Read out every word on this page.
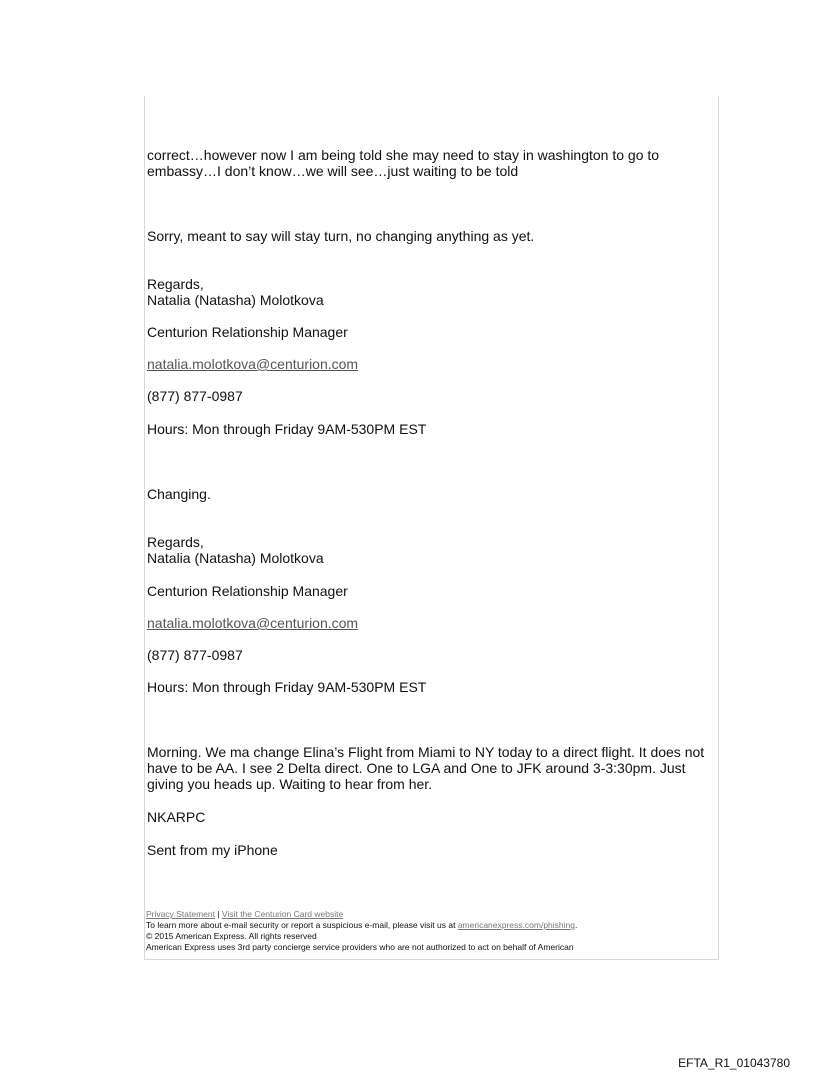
correct…however now I am being told she may need to stay in washington to go to embassy…I don’t know…we will see…just waiting to be told

Sorry, meant to say will stay turn, no changing anything as yet.

Regards,

Natalia (Natasha) Molotkova

Centurion Relationship Manager

natalia.molotkova@centurion.com

(877) 877-0987

Hours: Mon through Friday 9AM-530PM EST

Changing.

Regards,

Natalia (Natasha) Molotkova

Centurion Relationship Manager

natalia.molotkova@centurion.com

(877) 877-0987

Hours: Mon through Friday 9AM-530PM EST

Morning. We ma change Elina’s Flight from Miami to NY today to a direct flight. It does not have to be AA. I see 2 Delta direct. One to LGA and One to JFK around 3-3:30pm. Just giving you heads up. Waiting to hear from her.

NKARPC

Sent from my iPhone

Privacy Statement | Visit the Centurion Card website
To learn more about e-mail security or report a suspicious e-mail, please visit us at americanexpress.com/phishing.
© 2015 American Express. All rights reserved
American Express uses 3rd party concierge service providers who are not authorized to act on behalf of American
EFTA_R1_01043780
